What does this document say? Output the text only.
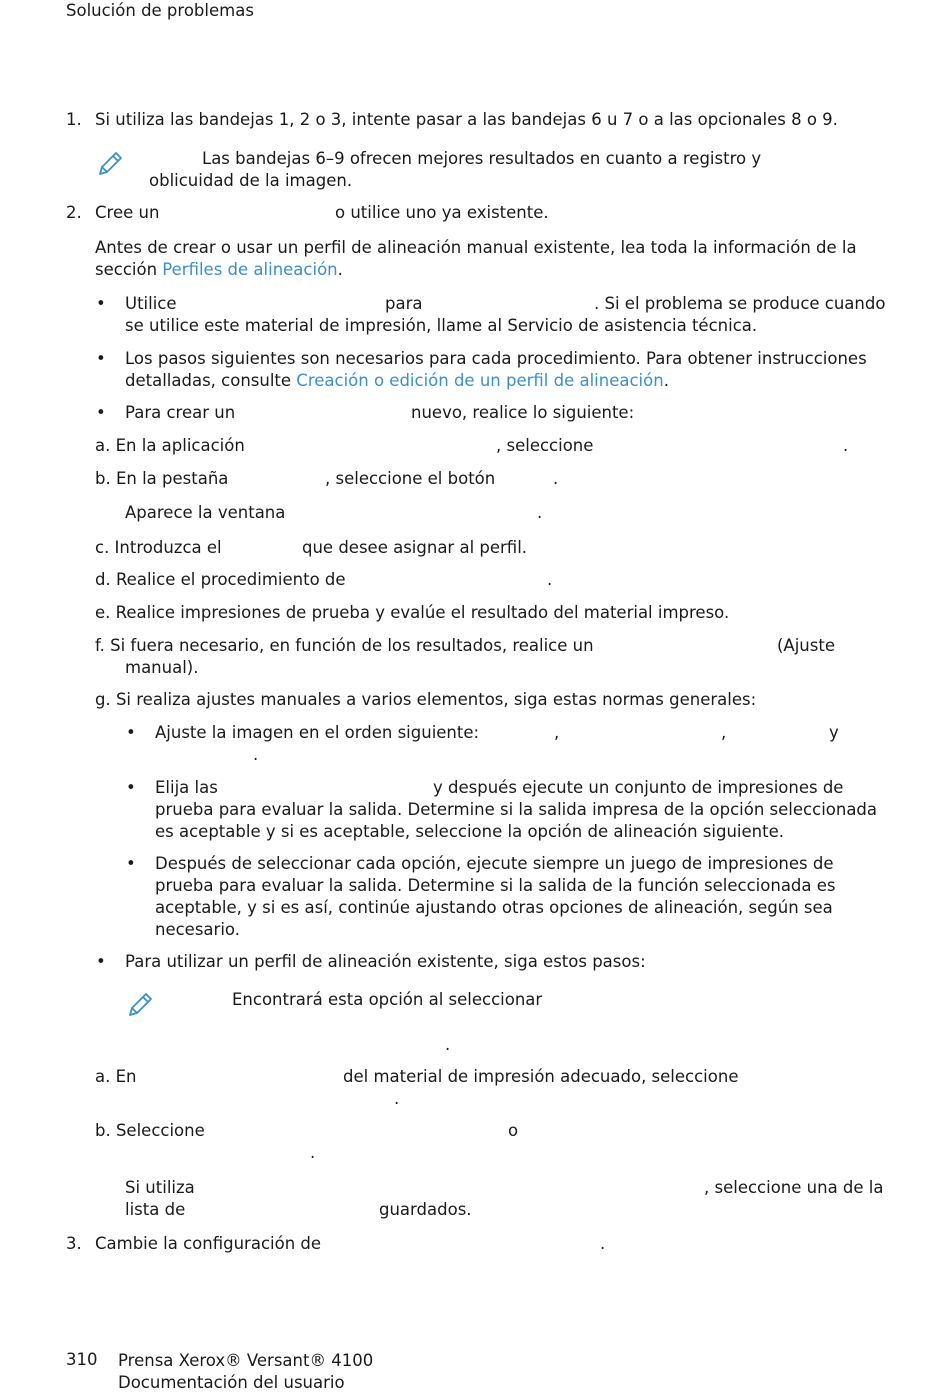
Solución de problemas
1. Si utiliza las bandejas 1, 2 o 3, intente pasar a las bandejas 6 u 7 o a las opcionales 8 o 9.
Las bandejas 6–9 ofrecen mejores resultados en cuanto a registro y
oblicuidad de la imagen.
2. Cree un	o utilice uno ya existente.
Antes de crear o usar un perfil de alineación manual existente, lea toda la información de la
sección Perfiles de alineación.
• Utilice	para	. Si el problema se produce cuando
se utilice este material de impresión, llame al Servicio de asistencia técnica.
• Los pasos siguientes son necesarios para cada procedimiento. Para obtener instrucciones
detalladas, consulte Creación o edición de un perfil de alineación.
• Para crear un	nuevo, realice lo siguiente:
a. En la aplicación	, seleccione	.
b. En la pestaña	, seleccione el botón	.
Aparece la ventana	.
c. Introduzca el	que desee asignar al perfil.
d. Realice el procedimiento de	.
e. Realice impresiones de prueba y evalúe el resultado del material impreso.
f. Si fuera necesario, en función de los resultados, realice un	(Ajuste
manual).
g. Si realiza ajustes manuales a varios elementos, siga estas normas generales:
• Ajuste la imagen en el orden siguiente:	,	,	y
.
• Elija las	y después ejecute un conjunto de impresiones de
prueba para evaluar la salida. Determine si la salida impresa de la opción seleccionada
es aceptable y si es aceptable, seleccione la opción de alineación siguiente.
• Después de seleccionar cada opción, ejecute siempre un juego de impresiones de
prueba para evaluar la salida. Determine si la salida de la función seleccionada es
aceptable, y si es así, continúe ajustando otras opciones de alineación, según sea
necesario.
• Para utilizar un perfil de alineación existente, siga estos pasos:
Encontrará esta opción al seleccionar
.
a. En	del material de impresión adecuado, seleccione
.
b. Seleccione	o
.
Si utiliza	, seleccione una de la
lista de	guardados.
3. Cambie la configuración de	.
310 Prensa Xerox® Versant® 4100
Documentación del usuario
